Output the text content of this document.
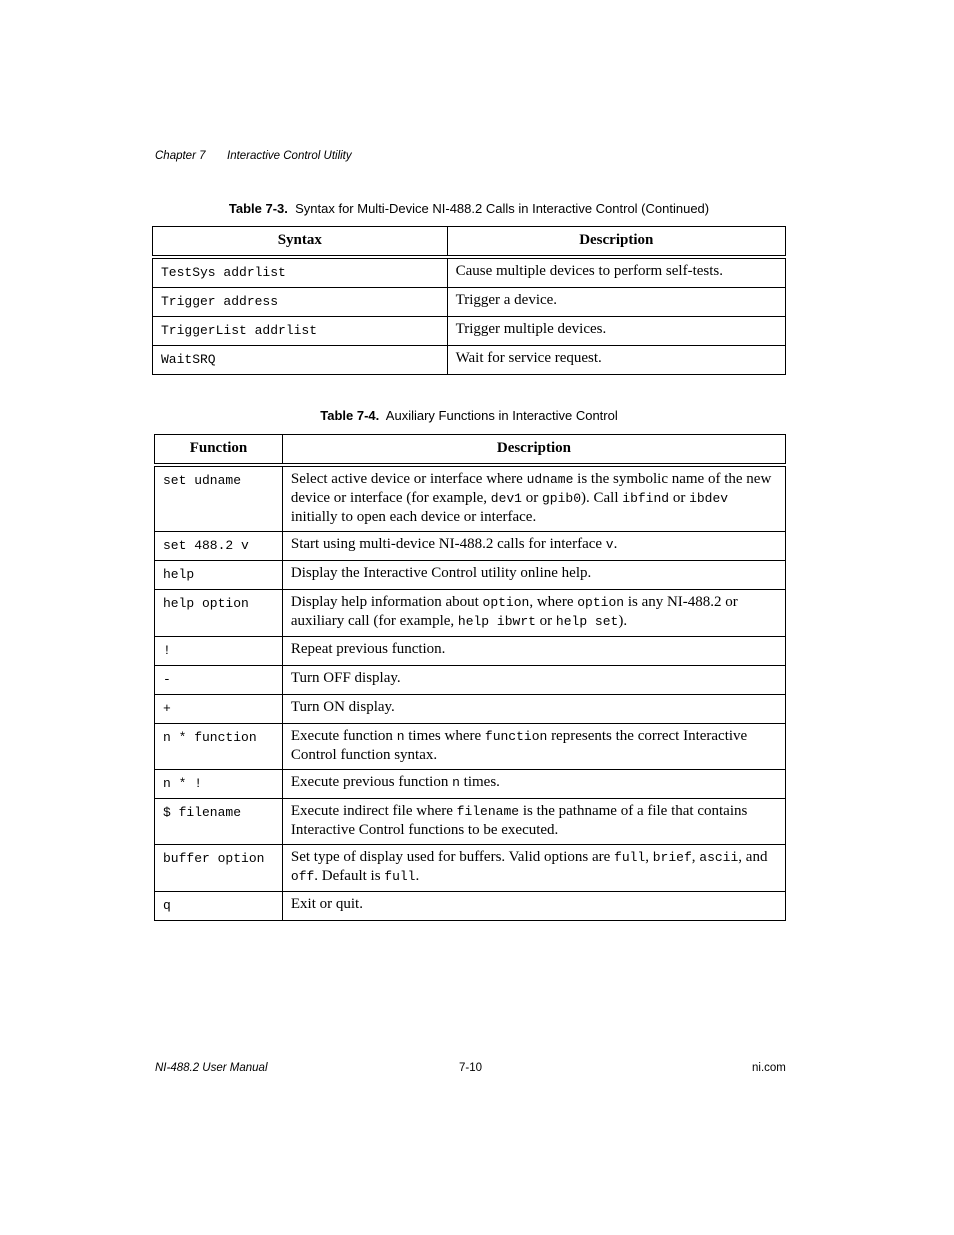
Chapter 7 Interactive Control Utility
Table 7-3. Syntax for Multi-Device NI-488.2 Calls in Interactive Control (Continued)
Syntax	Description
TestSys addrlist	Cause multiple devices to perform self-tests.
Trigger address	Trigger a device.
TriggerList addrlist	Trigger multiple devices.
WaitSRQ	Wait for service request.
Table 7-4. Auxiliary Functions in Interactive Control
Function	Description
set udname	Select active device or interface where udname is the symbolic name of the new device or interface (for example, dev1 or gpib0). Call ibfind or ibdev initially to open each device or interface.
set 488.2 v	Start using multi-device NI-488.2 calls for interface v.
help	Display the Interactive Control utility online help.
help option	Display help information about option, where option is any NI-488.2 or auxiliary call (for example, help ibwrt or help set).
!	Repeat previous function.
-	Turn OFF display.
+	Turn ON display.
n * function	Execute function n times where function represents the correct Interactive Control function syntax.
n * !	Execute previous function n times.
$ filename	Execute indirect file where filename is the pathname of a file that contains Interactive Control functions to be executed.
buffer option	Set type of display used for buffers. Valid options are full, brief, ascii, and off. Default is full.
q	Exit or quit.
NI-488.2 User Manual	7-10	ni.com
